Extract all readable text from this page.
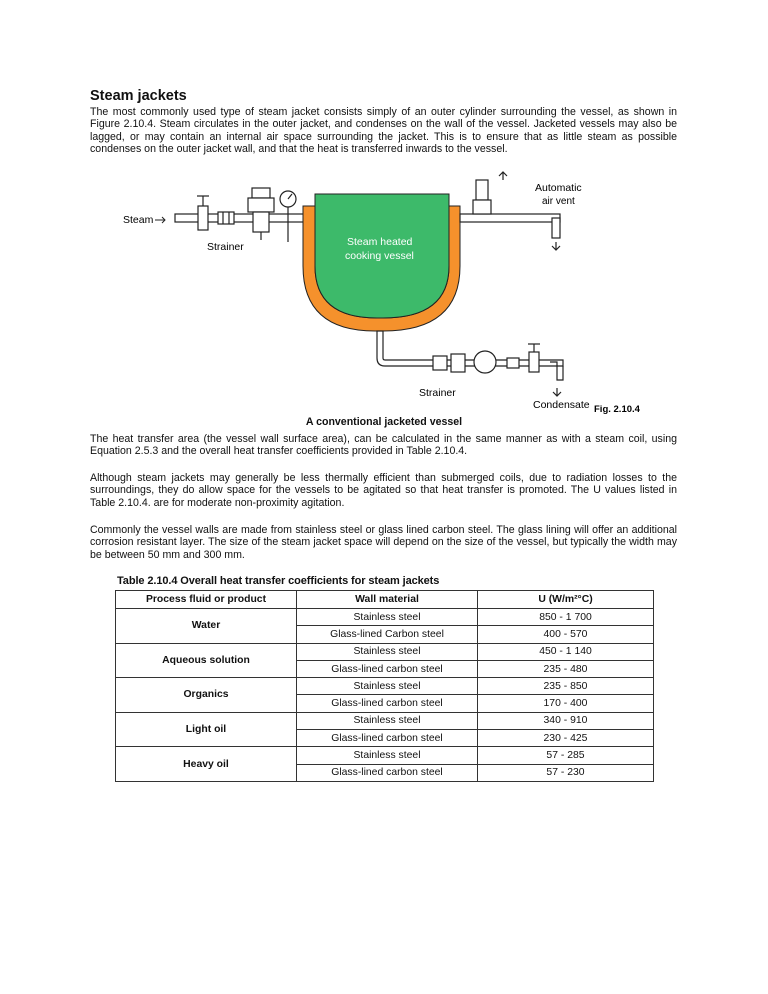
Steam jackets

The most commonly used type of steam jacket consists simply of an outer cylinder surrounding the vessel, as shown in Figure 2.10.4. Steam circulates in the outer jacket, and condenses on the wall of the vessel. Jacketed vessels may also be lagged, or may contain an internal air space surrounding the jacket. This is to ensure that as little steam as possible condenses on the outer jacket wall, and that the heat is transferred inwards to the vessel.

Steam
Strainer	Steam heated
cooking vessel
Automatic
air vent
Strainer
Condensate Fig. 2.10.4
A conventional jacketed vessel

The heat transfer area (the vessel wall surface area), can be calculated in the same manner as with a steam coil, using Equation 2.5.3 and the overall heat transfer coefficients provided in Table 2.10.4.

Although steam jackets may generally be less thermally efficient than submerged coils, due to radiation losses to the surroundings, they do allow space for the vessels to be agitated so that heat transfer is promoted. The U values listed in Table 2.10.4. are for moderate non-proximity agitation.

Commonly the vessel walls are made from stainless steel or glass lined carbon steel. The glass lining will offer an additional corrosion resistant layer. The size of the steam jacket space will depend on the size of the vessel, but typically the width may be between 50 mm and 300 mm.

Table 2.10.4 Overall heat transfer coefficients for steam jackets
Process fluid or product	Wall material	U (W/m²°C)
Water	Stainless steel	850 - 1 700
	Glass-lined Carbon steel	400 - 570
Aqueous solution	Stainless steel	450 - 1 140
	Glass-lined carbon steel	235 - 480
Organics	Stainless steel	235 - 850
	Glass-lined carbon steel	170 - 400
Light oil	Stainless steel	340 - 910
	Glass-lined carbon steel	230 - 425
Heavy oil	Stainless steel	57 - 285
	Glass-lined carbon steel	57 - 230
